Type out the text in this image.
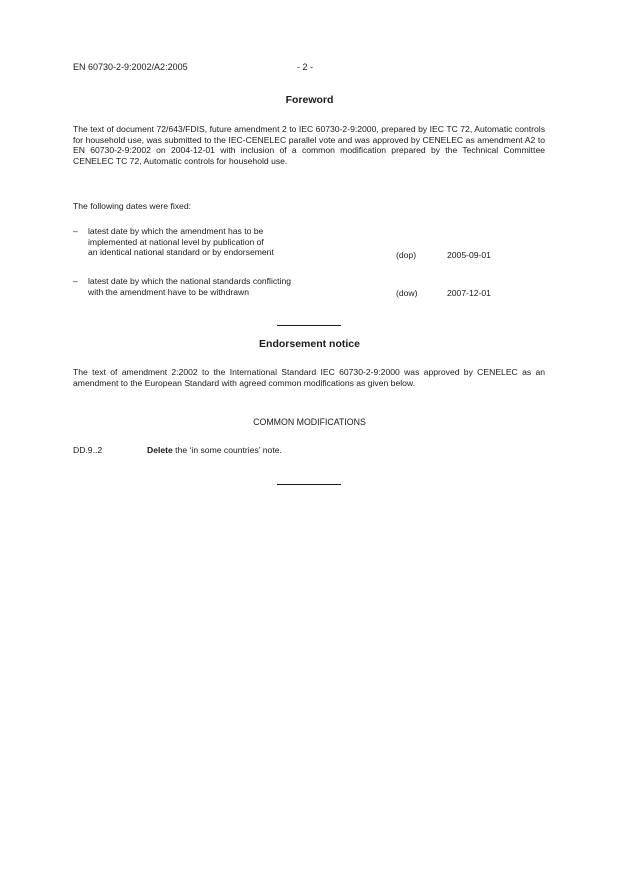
EN 60730-2-9:2002/A2:2005	- 2 -
Foreword
The text of document 72/643/FDIS, future amendment 2 to IEC 60730-2-9:2000, prepared by IEC TC 72, Automatic controls for household use, was submitted to the IEC-CENELEC parallel vote and was approved by CENELEC as amendment A2 to EN 60730-2-9:2002 on 2004-12-01 with inclusion of a common modification prepared by the Technical Committee CENELEC TC 72, Automatic controls for household use.
The following dates were fixed:
– latest date by which the amendment has to be
implemented at national level by publication of
an identical national standard or by endorsement	(dop)	2005-09-01
– latest date by which the national standards conflicting
with the amendment have to be withdrawn	(dow)	2007-12-01
Endorsement notice
The text of amendment 2:2002 to the International Standard IEC 60730-2-9:2000 was approved by CENELEC as an amendment to the European Standard with agreed common modifications as given below.
COMMON MODIFICATIONS
DD.9..2	Delete the ‘in some countries’ note.
